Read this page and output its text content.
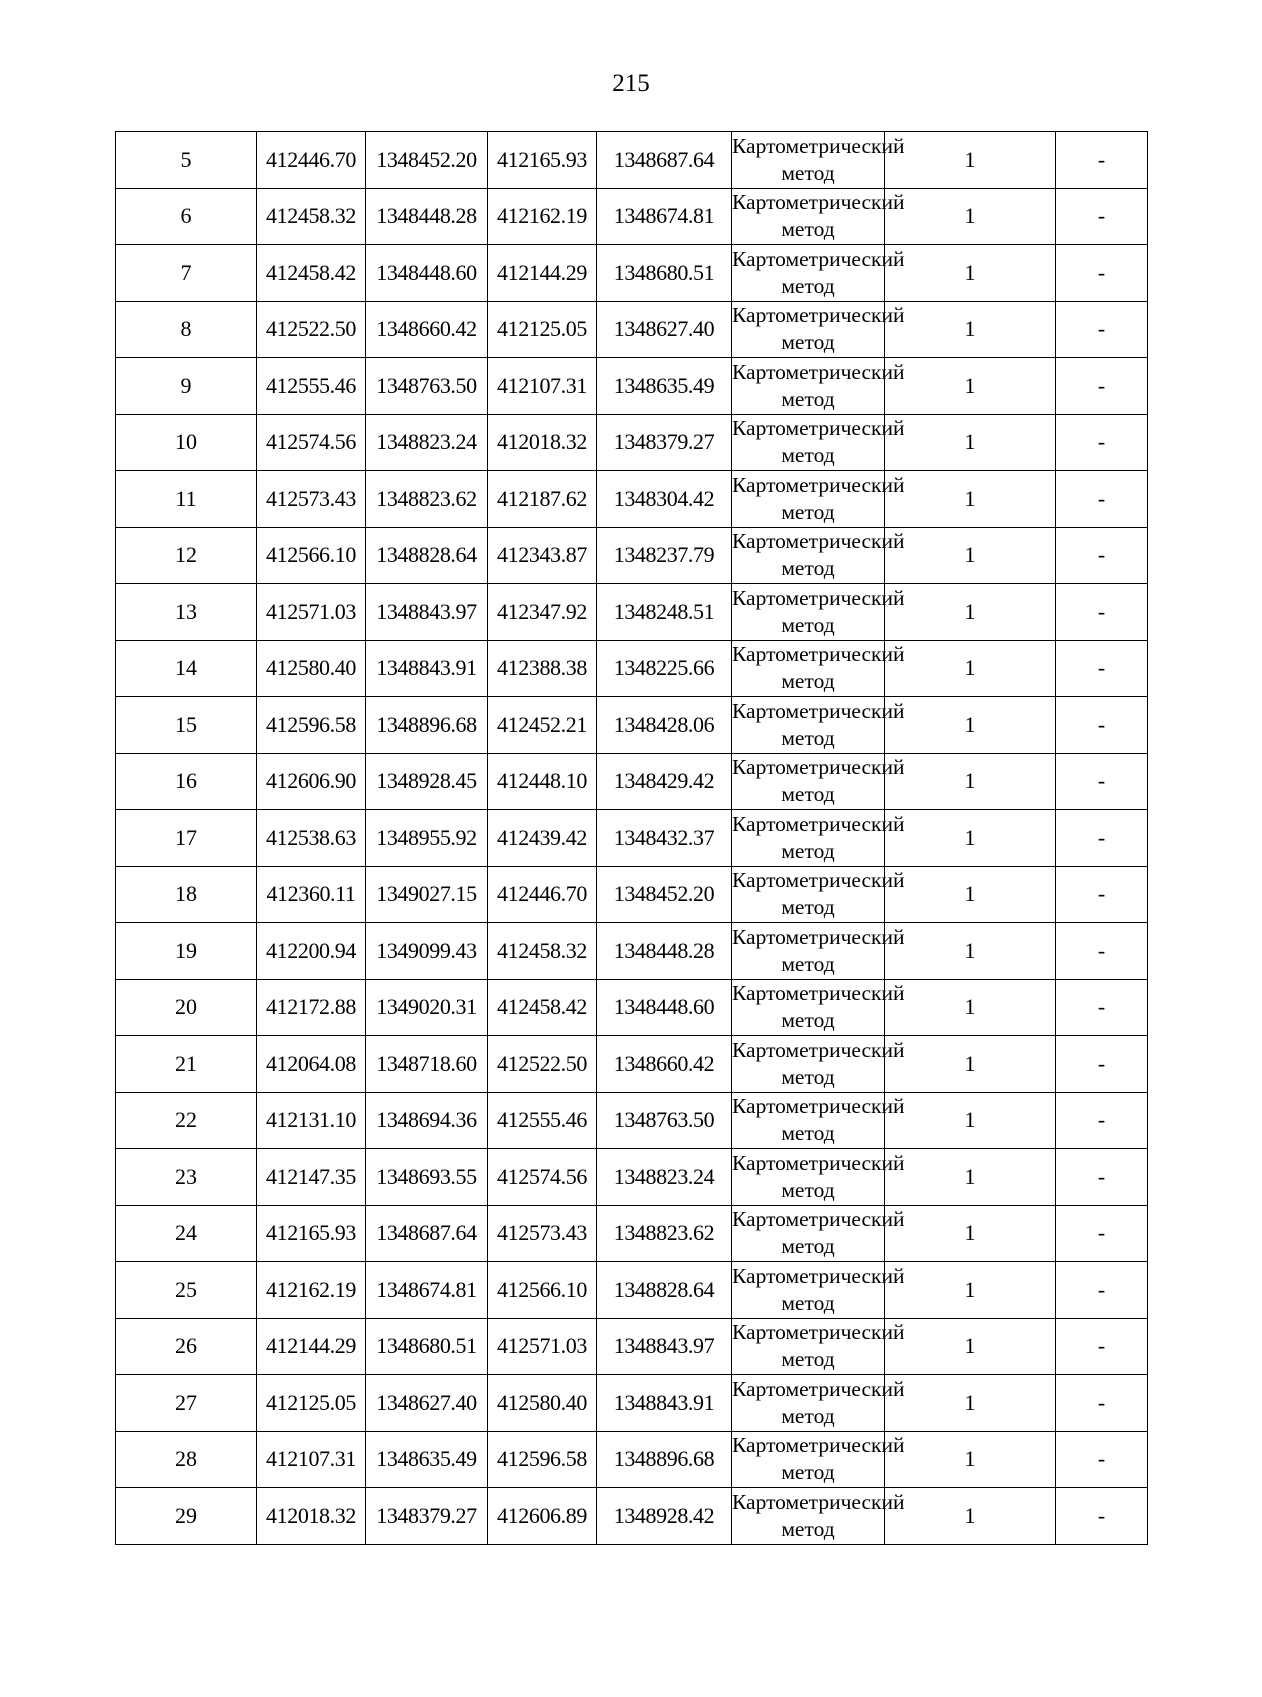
215
5	412446.70	1348452.20	412165.93	1348687.64	Картометрический метод	1	-
6	412458.32	1348448.28	412162.19	1348674.81	Картометрический метод	1	-
7	412458.42	1348448.60	412144.29	1348680.51	Картометрический метод	1	-
8	412522.50	1348660.42	412125.05	1348627.40	Картометрический метод	1	-
9	412555.46	1348763.50	412107.31	1348635.49	Картометрический метод	1	-
10	412574.56	1348823.24	412018.32	1348379.27	Картометрический метод	1	-
11	412573.43	1348823.62	412187.62	1348304.42	Картометрический метод	1	-
12	412566.10	1348828.64	412343.87	1348237.79	Картометрический метод	1	-
13	412571.03	1348843.97	412347.92	1348248.51	Картометрический метод	1	-
14	412580.40	1348843.91	412388.38	1348225.66	Картометрический метод	1	-
15	412596.58	1348896.68	412452.21	1348428.06	Картометрический метод	1	-
16	412606.90	1348928.45	412448.10	1348429.42	Картометрический метод	1	-
17	412538.63	1348955.92	412439.42	1348432.37	Картометрический метод	1	-
18	412360.11	1349027.15	412446.70	1348452.20	Картометрический метод	1	-
19	412200.94	1349099.43	412458.32	1348448.28	Картометрический метод	1	-
20	412172.88	1349020.31	412458.42	1348448.60	Картометрический метод	1	-
21	412064.08	1348718.60	412522.50	1348660.42	Картометрический метод	1	-
22	412131.10	1348694.36	412555.46	1348763.50	Картометрический метод	1	-
23	412147.35	1348693.55	412574.56	1348823.24	Картометрический метод	1	-
24	412165.93	1348687.64	412573.43	1348823.62	Картометрический метод	1	-
25	412162.19	1348674.81	412566.10	1348828.64	Картометрический метод	1	-
26	412144.29	1348680.51	412571.03	1348843.97	Картометрический метод	1	-
27	412125.05	1348627.40	412580.40	1348843.91	Картометрический метод	1	-
28	412107.31	1348635.49	412596.58	1348896.68	Картометрический метод	1	-
29	412018.32	1348379.27	412606.89	1348928.42	Картометрический метод	1	-
